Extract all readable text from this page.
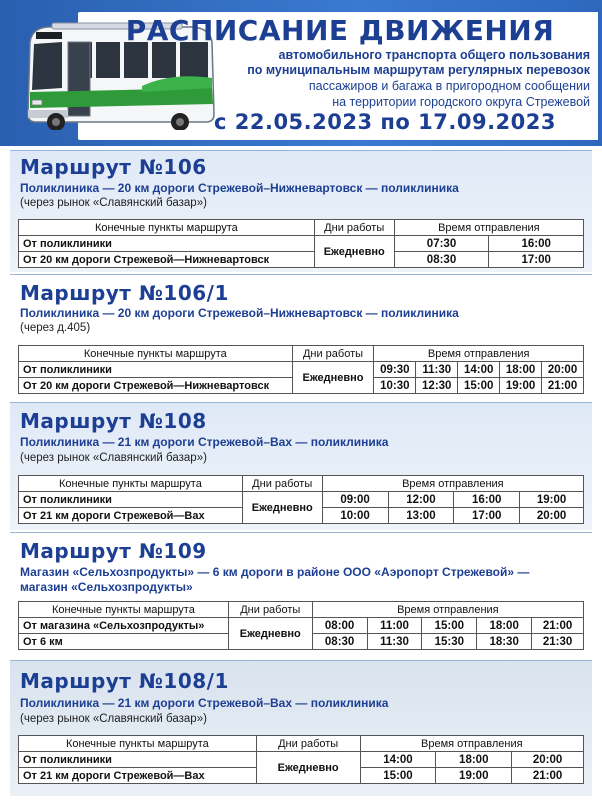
РАСПИСАНИЕ ДВИЖЕНИЯ
автомобильного транспорта общего пользования
по муниципальным маршрутам регулярных перевозок
пассажиров и багажа в пригородном сообщении
на территории городского округа Стрежевой
с 22.05.2023 по 17.09.2023
Маршрут №106
Поликлиника — 20 км дороги Стрежевой–Нижневартовск — поликлиника
(через рынок «Славянский базар»)
Конечные пункты маршрута	Дни работы	Время отправления	
От поликлиники	Ежедневно	07:30	16:00
От 20 км дороги Стрежевой—Нижневартовск		08:30	17:00
Маршрут №106/1
Поликлиника — 20 км дороги Стрежевой–Нижневартовск — поликлиника
(через д.405)
Конечные пункты маршрута	Дни работы	Время отправления				
От поликлиники	Ежедневно	09:30	11:30	14:00	18:00	20:00
От 20 км дороги Стрежевой—Нижневартовск		10:30	12:30	15:00	19:00	21:00
Маршрут №108
Поликлиника — 21 км дороги Стрежевой–Вах — поликлиника
(через рынок «Славянский базар»)
Конечные пункты маршрута	Дни работы	Время отправления			
От поликлиники	Ежедневно	09:00	12:00	16:00	19:00
От 21 км дороги Стрежевой—Вах		10:00	13:00	17:00	20:00
Маршрут №109
Магазин «Сельхозпродукты» — 6 км дороги в районе ООО «Аэропорт Стрежевой» —
магазин «Сельхозпродукты»
Конечные пункты маршрута	Дни работы	Время отправления				
От магазина «Сельхозпродукты»	Ежедневно	08:00	11:00	15:00	18:00	21:00
От 6 км		08:30	11:30	15:30	18:30	21:30
Маршрут №108/1
Поликлиника — 21 км дороги Стрежевой–Вах — поликлиника
(через рынок «Славянский базар»)
Конечные пункты маршрута	Дни работы	Время отправления		
От поликлиники	Ежедневно	14:00	18:00	20:00
От 21 км дороги Стрежевой—Вах		15:00	19:00	21:00
